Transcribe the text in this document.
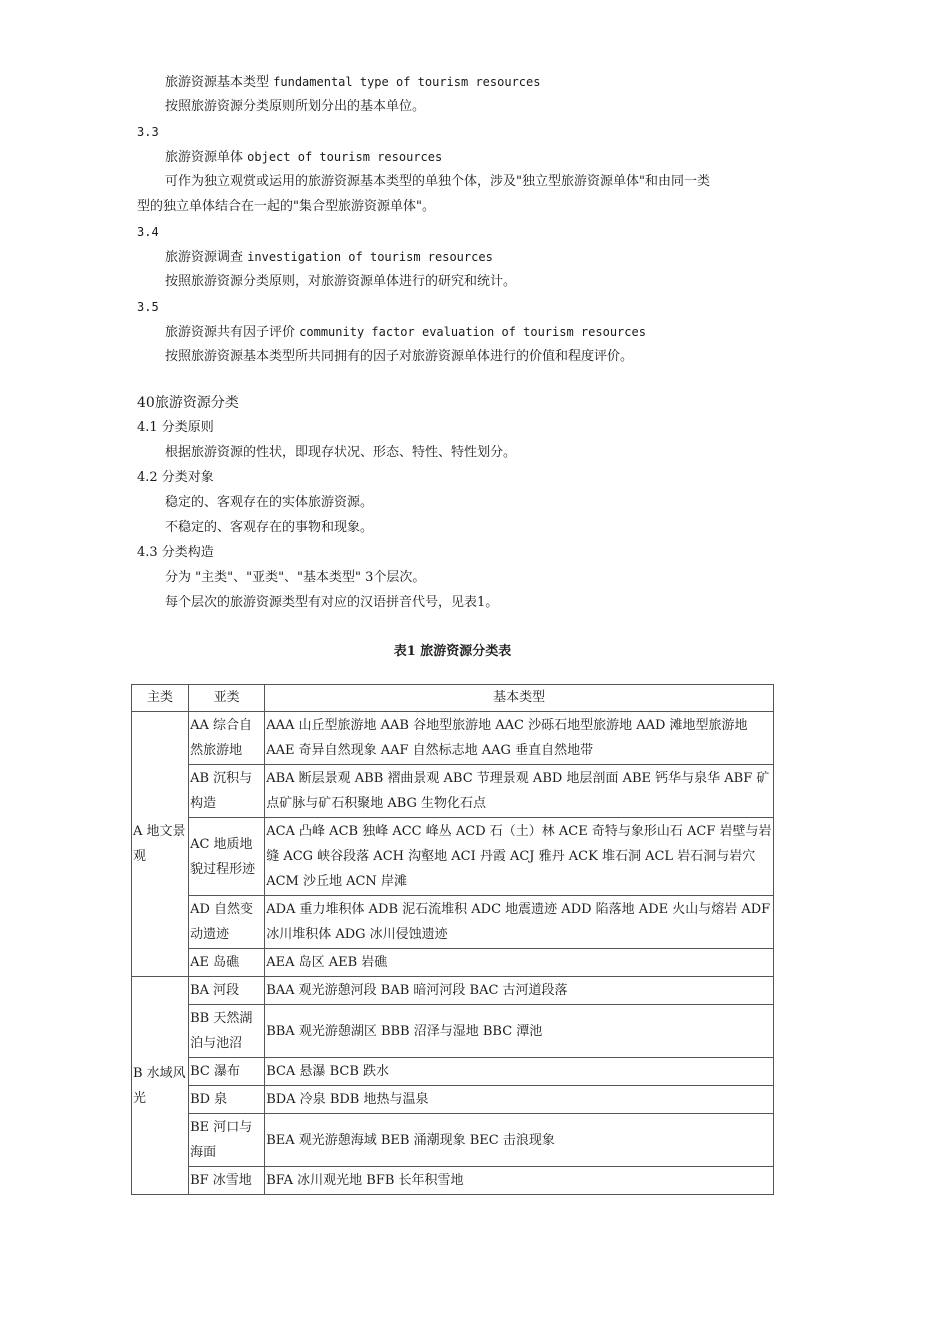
旅游资源基本类型 fundamental type of tourism resources
按照旅游资源分类原则所划分出的基本单位。
3.3
旅游资源单体 object of tourism resources
可作为独立观赏或运用的旅游资源基本类型的单独个体，涉及"独立型旅游资源单体"和由同一类
型的独立单体结合在一起的"集合型旅游资源单体"。
3.4
旅游资源调查 investigation of tourism resources
按照旅游资源分类原则，对旅游资源单体进行的研究和统计。
3.5
旅游资源共有因子评价 community factor evaluation of tourism resources
按照旅游资源基本类型所共同拥有的因子对旅游资源单体进行的价值和程度评价。
40旅游资源分类
4.1 分类原则
根据旅游资源的性状，即现存状况、形态、特性、特性划分。
4.2 分类对象
稳定的、客观存在的实体旅游资源。
不稳定的、客观存在的事物和现象。
4.3 分类构造
分为 "主类"、"亚类"、"基本类型" 3个层次。
每个层次的旅游资源类型有对应的汉语拼音代号，见表1。
表1 旅游资源分类表
主类	亚类	基本类型
A 地文景观	AA 综合自然旅游地	AAA 山丘型旅游地 AAB 谷地型旅游地 AAC 沙砾石地型旅游地 AAD 滩地型旅游地 AAE 奇异自然现象 AAF 自然标志地 AAG 垂直自然地带
	AB 沉积与构造	ABA 断层景观 ABB 褶曲景观 ABC 节理景观 ABD 地层剖面 ABE 钙华与泉华 ABF 矿点矿脉与矿石积聚地 ABG 生物化石点
	AC 地质地貌过程形迹	ACA 凸峰 ACB 独峰 ACC 峰丛 ACD 石（土）林 ACE 奇特与象形山石 ACF 岩壁与岩缝 ACG 峡谷段落 ACH 沟壑地 ACI 丹霞 ACJ 雅丹 ACK 堆石洞 ACL 岩石洞与岩穴 ACM 沙丘地 ACN 岸滩
	AD 自然变动遗迹	ADA 重力堆积体 ADB 泥石流堆积 ADC 地震遗迹 ADD 陷落地 ADE 火山与熔岩 ADF 冰川堆积体 ADG 冰川侵蚀遗迹
	AE 岛礁	AEA 岛区 AEB 岩礁
B 水域风光	BA 河段	BAA 观光游憩河段 BAB 暗河河段 BAC 古河道段落
	BB 天然湖泊与池沼	BBA 观光游憩湖区 BBB 沼泽与湿地 BBC 潭池
	BC 瀑布	BCA 悬瀑 BCB 跌水
	BD 泉	BDA 冷泉 BDB 地热与温泉
	BE 河口与海面	BEA 观光游憩海域 BEB 涌潮现象 BEC 击浪现象
	BF 冰雪地	BFA 冰川观光地 BFB 长年积雪地
